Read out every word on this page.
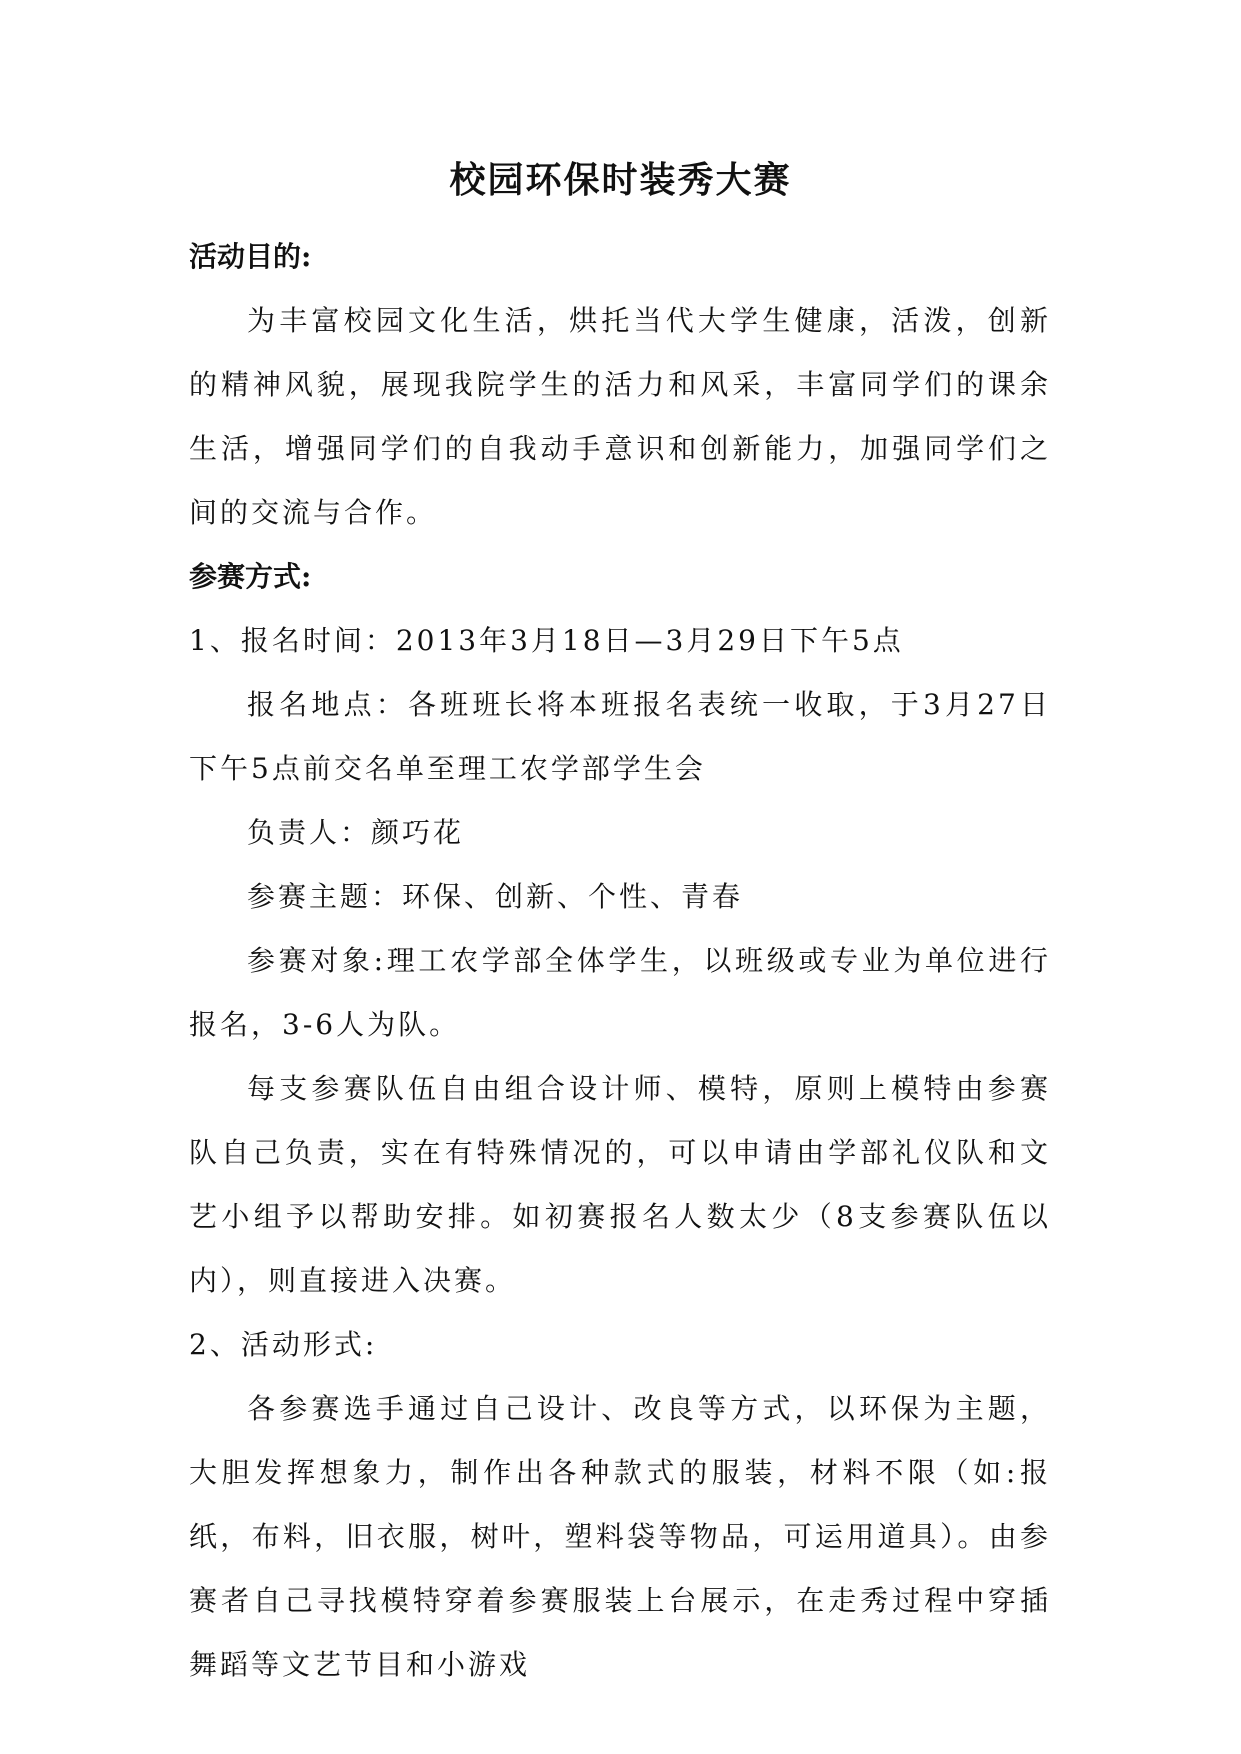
校园环保时装秀大赛

活动目的:

为丰富校园文化生活，烘托当代大学生健康，活泼，创新的精神风貌，展现我院学生的活力和风采，丰富同学们的课余生活，增强同学们的自我动手意识和创新能力，加强同学们之间的交流与合作。

参赛方式:

1、报名时间：2013年3月18日—3月29日下午5点

报名地点：各班班长将本班报名表统一收取，于3月27日下午5点前交名单至理工农学部学生会

负责人：颜巧花

参赛主题：环保、创新、个性、青春

参赛对象:理工农学部全体学生，以班级或专业为单位进行报名，3-6人为队。

每支参赛队伍自由组合设计师、模特，原则上模特由参赛队自己负责，实在有特殊情况的，可以申请由学部礼仪队和文艺小组予以帮助安排。如初赛报名人数太少（8支参赛队伍以内），则直接进入决赛。

2、活动形式:

各参赛选手通过自己设计、改良等方式，以环保为主题，大胆发挥想象力，制作出各种款式的服装，材料不限（如:报纸，布料，旧衣服，树叶，塑料袋等物品，可运用道具）。由参赛者自己寻找模特穿着参赛服装上台展示，在走秀过程中穿插舞蹈等文艺节目和小游戏
